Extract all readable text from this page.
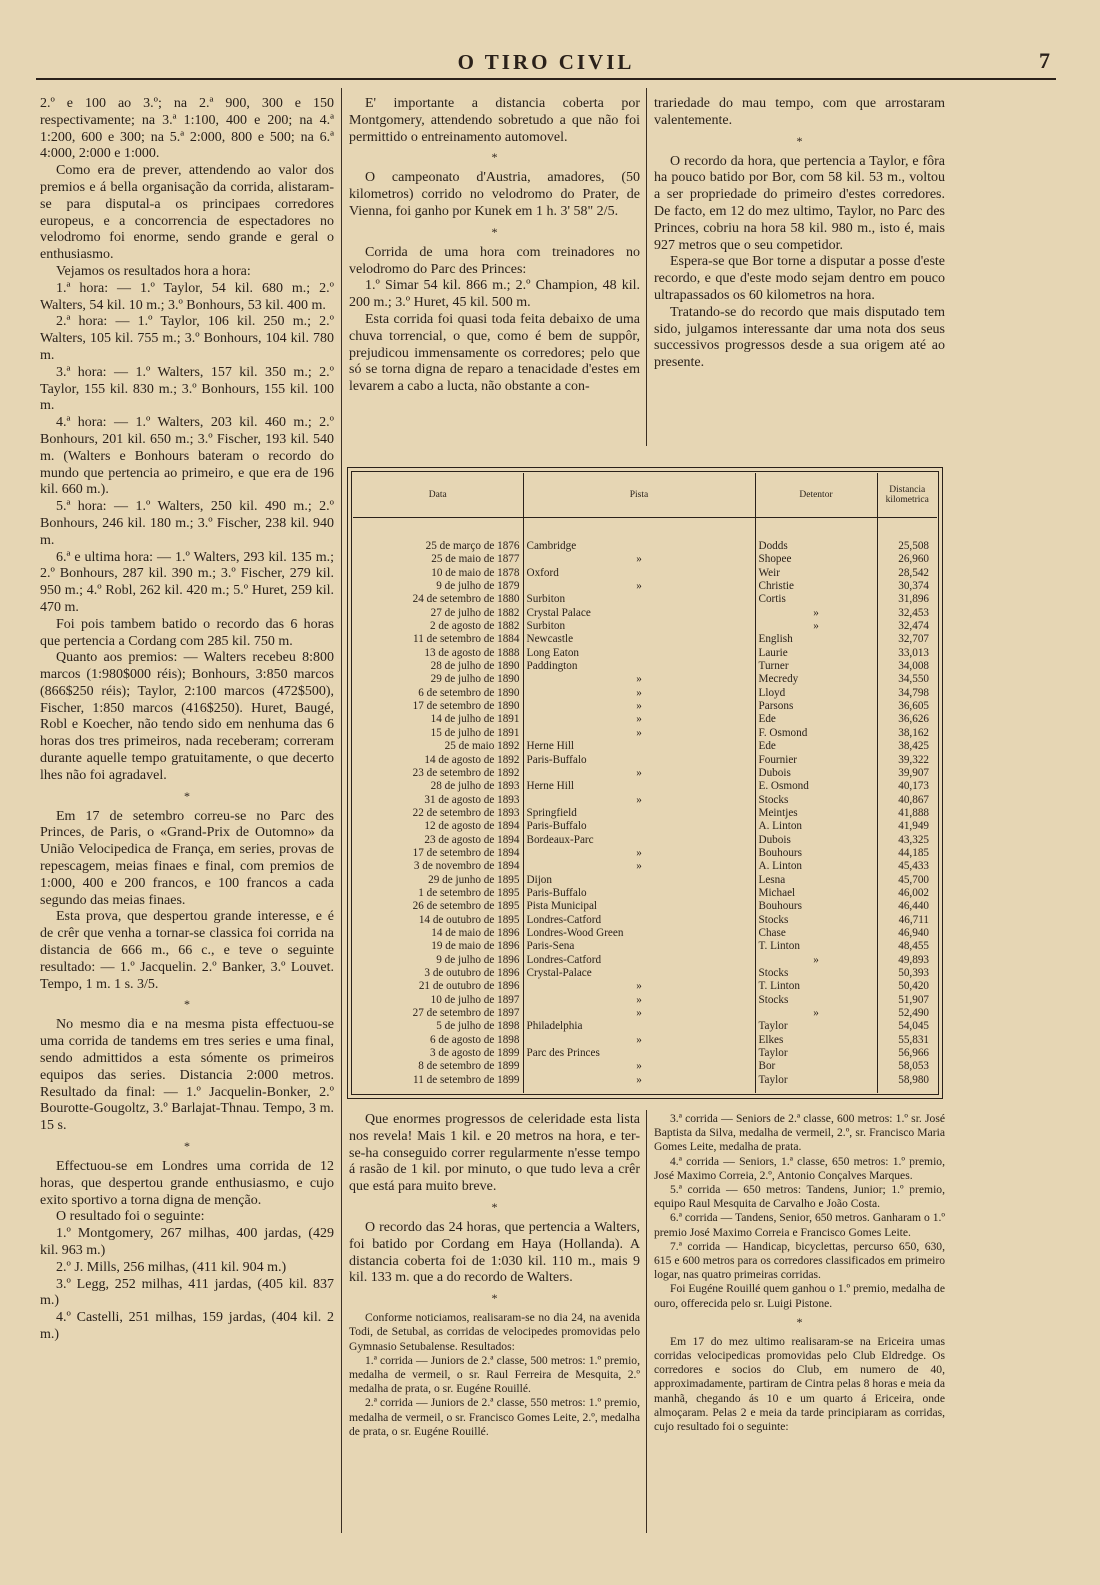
O TIRO CIVIL	7

2.º e 100 ao 3.º; na 2.ª 900, 300 e 150 respectivamente; na 3.ª 1:100, 400 e 200; na 4.ª 1:200, 600 e 300; na 5.ª 2:000, 800 e 500; na 6.ª 4:000, 2:000 e 1:000.

Como era de prever, attendendo ao valor dos premios e á bella organisação da corrida, alistaram-se para disputal-a os principaes corredores europeus, e a concorrencia de espectadores no velodromo foi enorme, sendo grande e geral o enthusiasmo.

Vejamos os resultados hora a hora:

1.ª hora: — 1.º Taylor, 54 kil. 680 m.; 2.º Walters, 54 kil. 10 m.; 3.º Bonhours, 53 kil. 400 m.

2.ª hora: — 1.º Taylor, 106 kil. 250 m.; 2.º Walters, 105 kil. 755 m.; 3.º Bonhours, 104 kil. 780 m.

3.ª hora: — 1.º Walters, 157 kil. 350 m.; 2.º Taylor, 155 kil. 830 m.; 3.º Bonhours, 155 kil. 100 m.

4.ª hora: — 1.º Walters, 203 kil. 460 m.; 2.º Bonhours, 201 kil. 650 m.; 3.º Fischer, 193 kil. 540 m. (Walters e Bonhours bateram o recordo do mundo que pertencia ao primeiro, e que era de 196 kil. 660 m.).

5.ª hora: — 1.º Walters, 250 kil. 490 m.; 2.º Bonhours, 246 kil. 180 m.; 3.º Fischer, 238 kil. 940 m.

6.ª e ultima hora: — 1.º Walters, 293 kil. 135 m.; 2.º Bonhours, 287 kil. 390 m.; 3.º Fischer, 279 kil. 950 m.; 4.º Robl, 262 kil. 420 m.; 5.º Huret, 259 kil. 470 m.

Foi pois tambem batido o recordo das 6 horas que pertencia a Cordang com 285 kil. 750 m.

Quanto aos premios: — Walters recebeu 8:800 marcos (1:980$000 réis); Bonhours, 3:850 marcos (866$250 réis); Taylor, 2:100 marcos (472$500), Fischer, 1:850 marcos (416$250). Huret, Baugé, Robl e Koecher, não tendo sido em nenhuma das 6 horas dos tres primeiros, nada receberam; correram durante aquelle tempo gratuitamente, o que decerto lhes não foi agradavel.

*

Em 17 de setembro correu-se no Parc des Princes, de Paris, o «Grand-Prix de Outomno» da União Velocipedica de França, em series, provas de repescagem, meias finaes e final, com premios de 1:000, 400 e 200 francos, e 100 francos a cada segundo das meias finaes.

Esta prova, que despertou grande interesse, e é de crêr que venha a tornar-se classica foi corrida na distancia de 666 m., 66 c., e teve o seguinte resultado: — 1.º Jacquelin. 2.º Banker, 3.º Louvet. Tempo, 1 m. 1 s. 3/5.

*

No mesmo dia e na mesma pista effectuou-se uma corrida de tandems em tres series e uma final, sendo admittidos a esta sómente os primeiros equipos das series. Distancia 2:000 metros. Resultado da final: — 1.º Jacquelin-Bonker, 2.º Bourotte-Gougoltz, 3.º Barlajat-Thnau. Tempo, 3 m. 15 s.

*

Effectuou-se em Londres uma corrida de 12 horas, que despertou grande enthusiasmo, e cujo exito sportivo a torna digna de menção.

O resultado foi o seguinte:

1.º Montgomery, 267 milhas, 400 jardas, (429 kil. 963 m.)

2.º J. Mills, 256 milhas, (411 kil. 904 m.)

3.º Legg, 252 milhas, 411 jardas, (405 kil. 837 m.)

4.º Castelli, 251 milhas, 159 jardas, (404 kil. 2 m.)

E' importante a distancia coberta por Montgomery, attendendo sobretudo a que não foi permittido o entreinamento automovel.

*

O campeonato d'Austria, amadores, (50 kilometros) corrido no velodromo do Prater, de Vienna, foi ganho por Kunek em 1 h. 3' 58" 2/5.

*

Corrida de uma hora com treinadores no velodromo do Parc des Princes:

1.º Simar 54 kil. 866 m.; 2.º Champion, 48 kil. 200 m.; 3.º Huret, 45 kil. 500 m.

Esta corrida foi quasi toda feita debaixo de uma chuva torrencial, o que, como é bem de suppôr, prejudicou immensamente os corredores; pelo que só se torna digna de reparo a tenacidade d'estes em levarem a cabo a lucta, não obstante a con-

trariedade do mau tempo, com que arrostaram valentemente.

*

O recordo da hora, que pertencia a Taylor, e fôra ha pouco batido por Bor, com 58 kil. 53 m., voltou a ser propriedade do primeiro d'estes corredores. De facto, em 12 do mez ultimo, Taylor, no Parc des Princes, cobriu na hora 58 kil. 980 m., isto é, mais 927 metros que o seu competidor.

Espera-se que Bor torne a disputar a posse d'este recordo, e que d'este modo sejam dentro em pouco ultrapassados os 60 kilometros na hora.

Tratando-se do recordo que mais disputado tem sido, julgamos interessante dar uma nota dos seus successivos progressos desde a sua origem até ao presente.

Data	Pista	Detentor	Distancia kilometrica

25 de março de 1876	Cambridge	Dodds	25,508
25 de maio de 1877	»	Shopee	26,960
10 de maio de 1878	Oxford	Weir	28,542
9 de julho de 1879	»	Christie	30,374
24 de setembro de 1880	Surbiton	Cortis	31,896
27 de julho de 1882	Crystal Palace	»	32,453
2 de agosto de 1882	Surbiton	»	32,474
11 de setembro de 1884	Newcastle	English	32,707
13 de agosto de 1888	Long Eaton	Laurie	33,013
28 de julho de 1890	Paddington	Turner	34,008
29 de julho de 1890	»	Mecredy	34,550
6 de setembro de 1890	»	Lloyd	34,798
17 de setembro de 1890	»	Parsons	36,605
14 de julho de 1891	»	Ede	36,626
15 de julho de 1891	»	F. Osmond	38,162
25 de maio 1892	Herne Hill	Ede	38,425
14 de agosto de 1892	Paris-Buffalo	Fournier	39,322
23 de setembro de 1892	»	Dubois	39,907
28 de julho de 1893	Herne Hill	E. Osmond	40,173
31 de agosto de 1893	»	Stocks	40,867
22 de setembro de 1893	Springfield	Meintjes	41,888
12 de agosto de 1894	Paris-Buffalo	A. Linton	41,949
23 de agosto de 1894	Bordeaux-Parc	Dubois	43,325
17 de setembro de 1894	»	Bouhours	44,185
3 de novembro de 1894	»	A. Linton	45,433
29 de junho de 1895	Dijon	Lesna	45,700
1 de setembro de 1895	Paris-Buffalo	Michael	46,002
26 de setembro de 1895	Pista Municipal	Bouhours	46,440
14 de outubro de 1895	Londres-Catford	Stocks	46,711
14 de maio de 1896	Londres-Wood Green	Chase	46,940
19 de maio de 1896	Paris-Sena	T. Linton	48,455
9 de julho de 1896	Londres-Catford	»	49,893
3 de outubro de 1896	Crystal-Palace	Stocks	50,393
21 de outubro de 1896	»	T. Linton	50,420
10 de julho de 1897	»	Stocks	51,907
27 de setembro de 1897	»	»	52,490
5 de julho de 1898	Philadelphia	Taylor	54,045
6 de agosto de 1898	»	Elkes	55,831
3 de agosto de 1899	Parc des Princes	Taylor	56,966
8 de setembro de 1899	»	Bor	58,053
11 de setembro de 1899	»	Taylor	58,980

Que enormes progressos de celeridade esta lista nos revela! Mais 1 kil. e 20 metros na hora, e ter-se-ha conseguido correr regularmente n'esse tempo á rasão de 1 kil. por minuto, o que tudo leva a crêr que está para muito breve.

*

O recordo das 24 horas, que pertencia a Walters, foi batido por Cordang em Haya (Hollanda). A distancia coberta foi de 1:030 kil. 110 m., mais 9 kil. 133 m. que a do recordo de Walters.

*

Conforme noticiamos, realisaram-se no dia 24, na avenida Todi, de Setubal, as corridas de velocipedes promovidas pelo Gymnasio Setubalense. Resultados:

1.ª corrida — Juniors de 2.ª classe, 500 metros: 1.º premio, medalha de vermeil, o sr. Raul Ferreira de Mesquita, 2.º medalha de prata, o sr. Eugéne Rouillé.

2.ª corrida — Juniors de 2.ª classe, 550 metros: 1.º premio, medalha de vermeil, o sr. Francisco Gomes Leite, 2.º, medalha de prata, o sr. Eugéne Rouillé.

3.ª corrida — Seniors de 2.ª classe, 600 metros: 1.º sr. José Baptista da Silva, medalha de vermeil, 2.º, sr. Francisco Maria Gomes Leite, medalha de prata.

4.ª corrida — Seniors, 1.ª classe, 650 metros: 1.º premio, José Maximo Correia, 2.º, Antonio Conçalves Marques.

5.ª corrida — 650 metros: Tandens, Junior; 1.º premio, equipo Raul Mesquita de Carvalho e João Costa.

6.ª corrida — Tandens, Senior, 650 metros. Ganharam o 1.º premio José Maximo Correia e Francisco Gomes Leite.

7.ª corrida — Handicap, bicyclettas, percurso 650, 630, 615 e 600 metros para os corredores classificados em primeiro logar, nas quatro primeiras corridas.

Foi Eugéne Rouillé quem ganhou o 1.º premio, medalha de ouro, offerecida pelo sr. Luigi Pistone.

*

Em 17 do mez ultimo realisaram-se na Ericeira umas corridas velocipedicas promovidas pelo Club Eldredge. Os corredores e socios do Club, em numero de 40, approximadamente, partiram de Cintra pelas 8 horas e meia da manhã, chegando ás 10 e um quarto á Ericeira, onde almoçaram. Pelas 2 e meia da tarde principiaram as corridas, cujo resultado foi o seguinte:
